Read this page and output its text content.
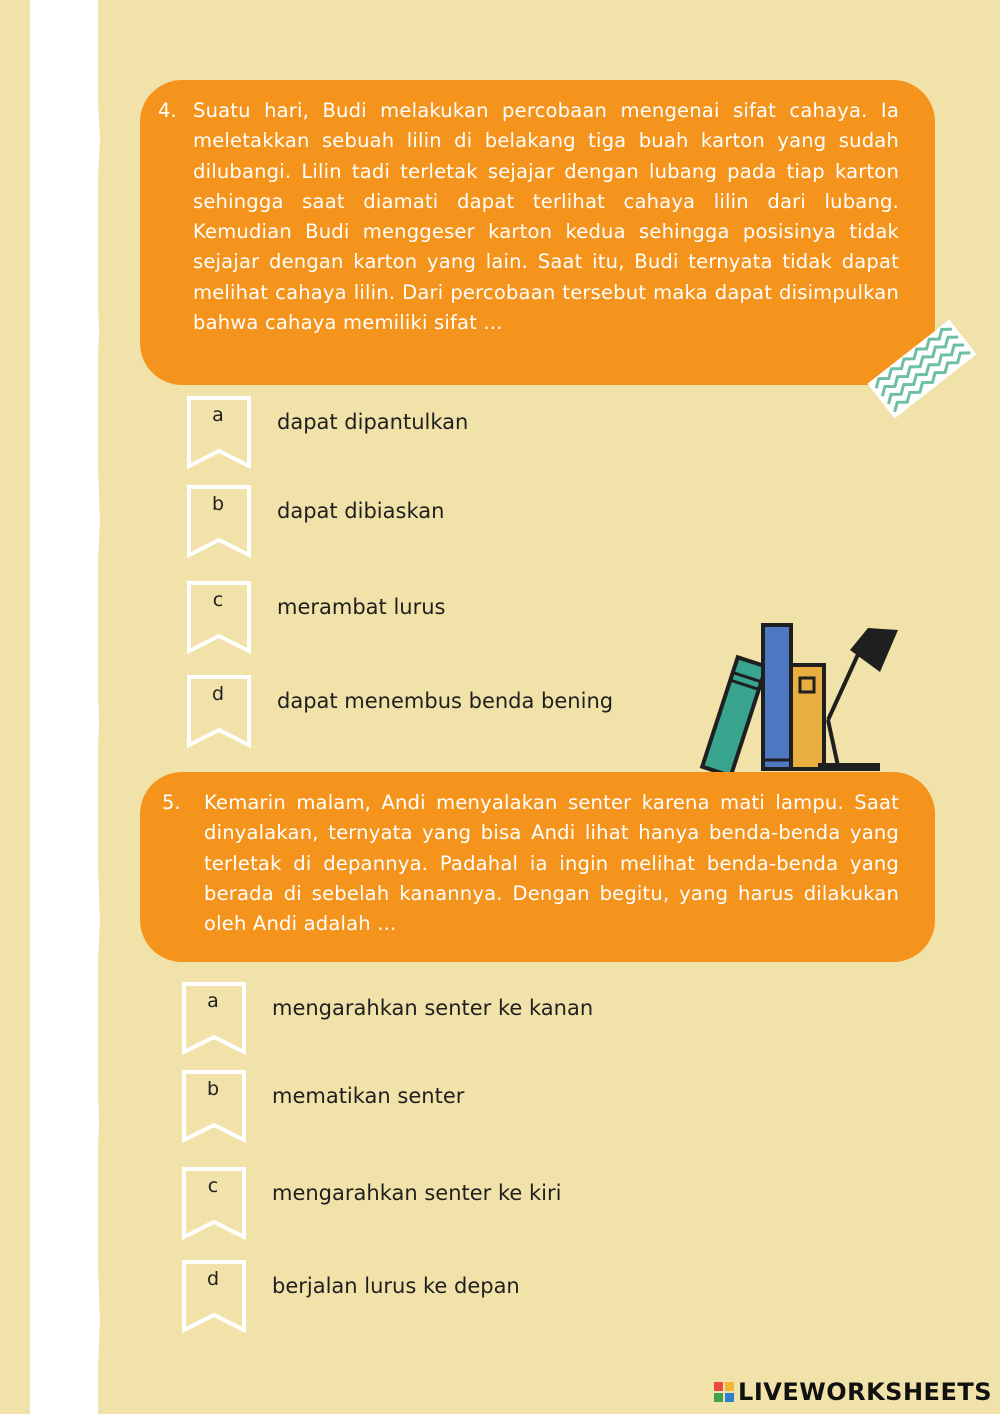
4. Suatu hari, Budi melakukan percobaan mengenai sifat cahaya. Ia meletakkan sebuah lilin di belakang tiga buah karton yang sudah dilubangi. Lilin tadi terletak sejajar dengan lubang pada tiap karton sehingga saat diamati dapat terlihat cahaya lilin dari lubang. Kemudian Budi menggeser karton kedua sehingga posisinya tidak sejajar dengan karton yang lain. Saat itu, Budi ternyata tidak dapat melihat cahaya lilin. Dari percobaan tersebut maka dapat disimpulkan bahwa cahaya memiliki sifat ...
a	dapat dipantulkan
b	dapat dibiaskan
c	merambat lurus
d	dapat menembus benda bening
5.	Kemarin malam, Andi menyalakan senter karena mati lampu. Saat dinyalakan, ternyata yang bisa Andi lihat hanya benda-benda yang terletak di depannya. Padahal ia ingin melihat benda-benda yang berada di sebelah kanannya. Dengan begitu, yang harus dilakukan oleh Andi adalah ...
a	mengarahkan senter ke kanan
b	mematikan senter
c	mengarahkan senter ke kiri
d	berjalan lurus ke depan
LIVEWORKSHEETS
